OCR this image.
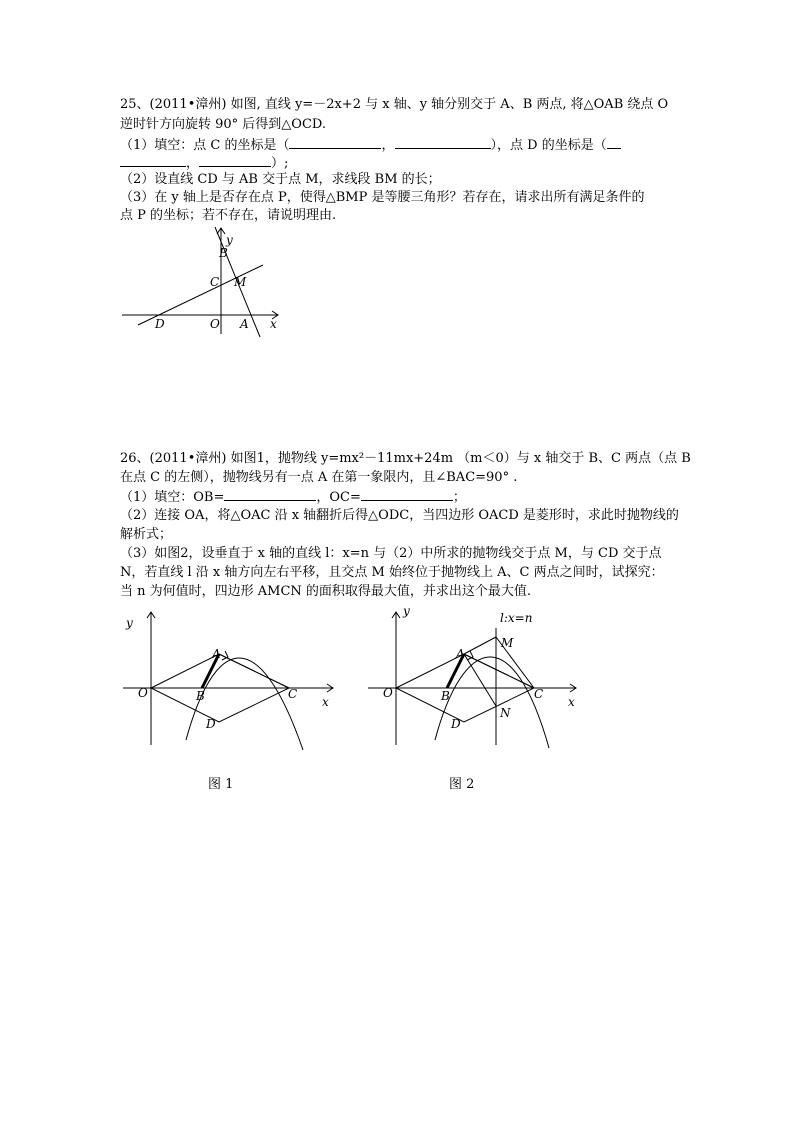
25、(2011•漳州) 如图, 直线 y=－2x+2 与 x 轴、y 轴分别交于 A、B 两点, 将△OAB 绕点 O
逆时针方向旋转 90° 后得到△OCD.
（1）填空：点 C 的坐标是（	，	），点 D 的坐标是（
，	）;
（2）设直线 CD 与 AB 交于点 M，求线段 BM 的长；
（3）在 y 轴上是否存在点 P，使得△BMP 是等腰三角形？若存在，请求出所有满足条件的
点 P 的坐标；若不存在，请说明理由.
y
B
C M
D	O A x
26、(2011•漳州) 如图1，抛物线 y=mx²－11mx+24m （m＜0）与 x 轴交于 B、C 两点（点 B
在点 C 的左侧），抛物线另有一点 A 在第一象限内，且∠BAC=90° .
（1）填空：OB=	，OC=	；
（2）连接 OA，将△OAC 沿 x 轴翻折后得△ODC，当四边形 OACD 是菱形时，求此时抛物线的
解析式；
（3）如图2，设垂直于 x 轴的直线 l：x=n 与（2）中所求的抛物线交于点 M，与 CD 交于点
N，若直线 l 沿 x 轴方向左右平移，且交点 M 始终位于抛物线上 A、C 两点之间时，试探究：
当 n 为何值时，四边形 AMCN 的面积取得最大值，并求出这个最大值.
y
A
O	B	C
D
x
图 1
y	l:x=n
M
A
O	B	C
N
D
x
图 2
